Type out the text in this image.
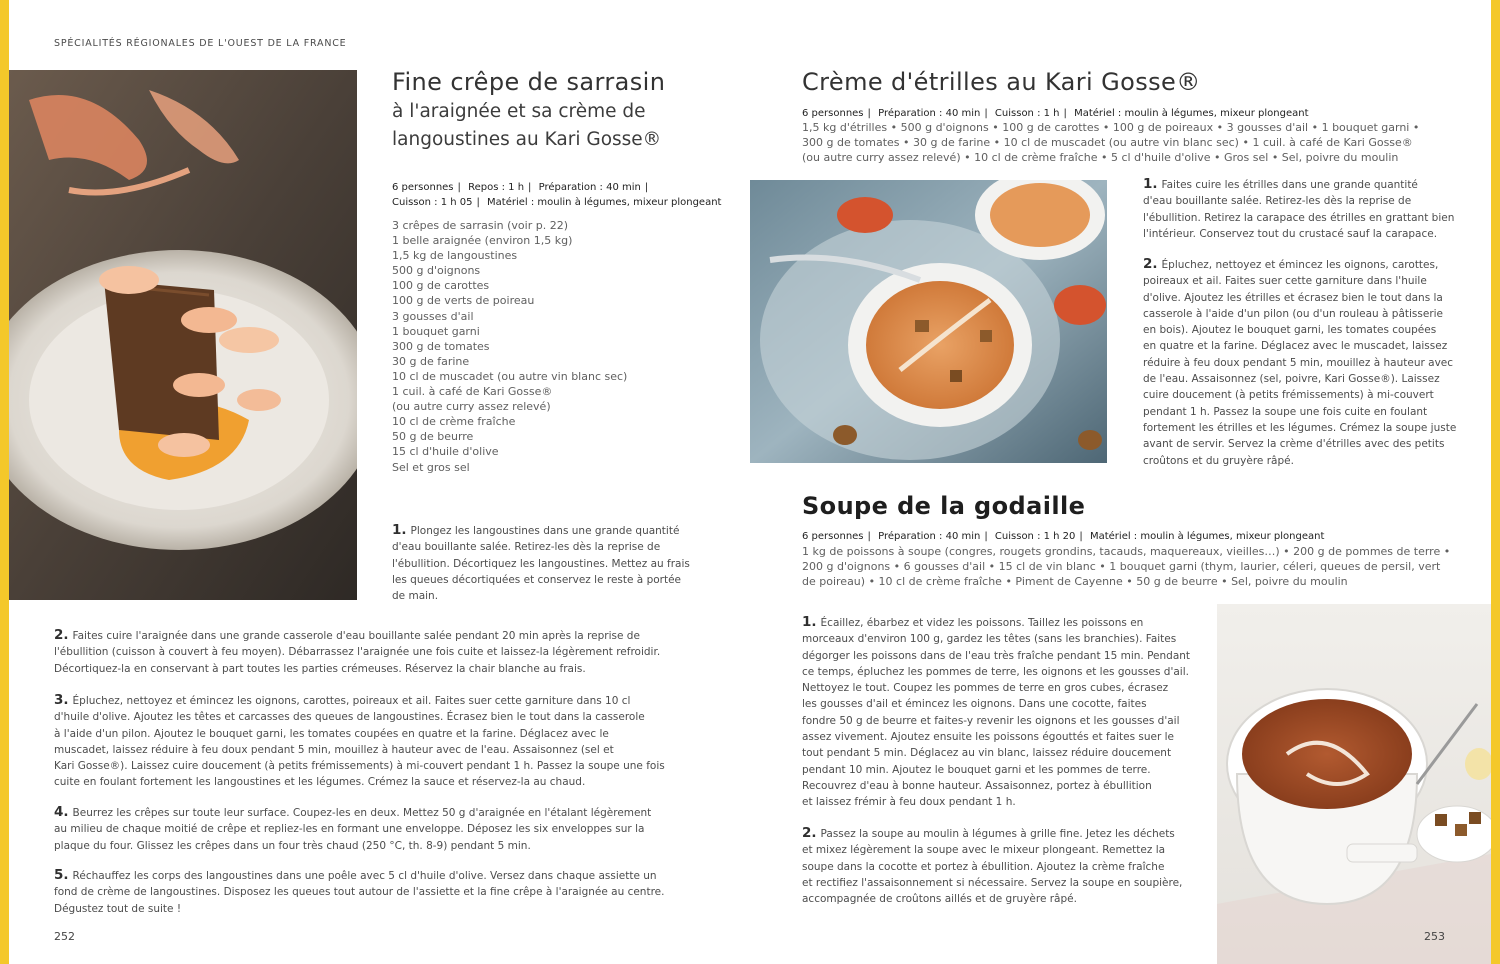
SPÉCIALITÉS RÉGIONALES DE L'OUEST DE LA FRANCE
Fine crêpe de sarrasin
à l'araignée et sa crème de
langoustines au Kari Gosse®
6 personnes | Repos : 1 h | Préparation : 40 min |
Cuisson : 1 h 05 | Matériel : moulin à légumes, mixeur plongeant
3 crêpes de sarrasin (voir p. 22)
1 belle araignée (environ 1,5 kg)
1,5 kg de langoustines
500 g d'oignons
100 g de carottes
100 g de verts de poireau
3 gousses d'ail
1 bouquet garni
300 g de tomates
30 g de farine
10 cl de muscadet (ou autre vin blanc sec)
1 cuil. à café de Kari Gosse®
(ou autre curry assez relevé)
10 cl de crème fraîche
50 g de beurre
15 cl d'huile d'olive
Sel et gros sel
1. Plongez les langoustines dans une grande quantité
d'eau bouillante salée. Retirez-les dès la reprise de
l'ébullition. Décortiquez les langoustines. Mettez au frais
les queues décortiquées et conservez le reste à portée
de main.
2. Faites cuire l'araignée dans une grande casserole d'eau bouillante salée pendant 20 min après la reprise de
l'ébullition (cuisson à couvert à feu moyen). Débarrassez l'araignée une fois cuite et laissez-la légèrement refroidir.
Décortiquez-la en conservant à part toutes les parties crémeuses. Réservez la chair blanche au frais.
3. Épluchez, nettoyez et émincez les oignons, carottes, poireaux et ail. Faites suer cette garniture dans 10 cl
d'huile d'olive. Ajoutez les têtes et carcasses des queues de langoustines. Écrasez bien le tout dans la casserole
à l'aide d'un pilon. Ajoutez le bouquet garni, les tomates coupées en quatre et la farine. Déglacez avec le
muscadet, laissez réduire à feu doux pendant 5 min, mouillez à hauteur avec de l'eau. Assaisonnez (sel et
Kari Gosse®). Laissez cuire doucement (à petits frémissements) à mi-couvert pendant 1 h. Passez la soupe une fois
cuite en foulant fortement les langoustines et les légumes. Crémez la sauce et réservez-la au chaud.
4. Beurrez les crêpes sur toute leur surface. Coupez-les en deux. Mettez 50 g d'araignée en l'étalant légèrement
au milieu de chaque moitié de crêpe et repliez-les en formant une enveloppe. Déposez les six enveloppes sur la
plaque du four. Glissez les crêpes dans un four très chaud (250 °C, th. 8-9) pendant 5 min.
5. Réchauffez les corps des langoustines dans une poêle avec 5 cl d'huile d'olive. Versez dans chaque assiette un
fond de crème de langoustines. Disposez les queues tout autour de l'assiette et la fine crêpe à l'araignée au centre.
Dégustez tout de suite !
252
Crème d'étrilles au Kari Gosse®
6 personnes | Préparation : 40 min | Cuisson : 1 h | Matériel : moulin à légumes, mixeur plongeant
1,5 kg d'étrilles • 500 g d'oignons • 100 g de carottes • 100 g de poireaux • 3 gousses d'ail • 1 bouquet garni •
300 g de tomates • 30 g de farine • 10 cl de muscadet (ou autre vin blanc sec) • 1 cuil. à café de Kari Gosse®
(ou autre curry assez relevé) • 10 cl de crème fraîche • 5 cl d'huile d'olive • Gros sel • Sel, poivre du moulin
1. Faites cuire les étrilles dans une grande quantité
d'eau bouillante salée. Retirez-les dès la reprise de
l'ébullition. Retirez la carapace des étrilles en grattant bien
l'intérieur. Conservez tout du crustacé sauf la carapace.
2. Épluchez, nettoyez et émincez les oignons, carottes,
poireaux et ail. Faites suer cette garniture dans l'huile
d'olive. Ajoutez les étrilles et écrasez bien le tout dans la
casserole à l'aide d'un pilon (ou d'un rouleau à pâtisserie
en bois). Ajoutez le bouquet garni, les tomates coupées
en quatre et la farine. Déglacez avec le muscadet, laissez
réduire à feu doux pendant 5 min, mouillez à hauteur avec
de l'eau. Assaisonnez (sel, poivre, Kari Gosse®). Laissez
cuire doucement (à petits frémissements) à mi-couvert
pendant 1 h. Passez la soupe une fois cuite en foulant
fortement les étrilles et les légumes. Crémez la soupe juste
avant de servir. Servez la crème d'étrilles avec des petits
croûtons et du gruyère râpé.
Soupe de la godaille
6 personnes | Préparation : 40 min | Cuisson : 1 h 20 | Matériel : moulin à légumes, mixeur plongeant
1 kg de poissons à soupe (congres, rougets grondins, tacauds, maquereaux, vieilles…) • 200 g de pommes de terre •
200 g d'oignons • 6 gousses d'ail • 15 cl de vin blanc • 1 bouquet garni (thym, laurier, céleri, queues de persil, vert
de poireau) • 10 cl de crème fraîche • Piment de Cayenne • 50 g de beurre • Sel, poivre du moulin
1. Écaillez, ébarbez et videz les poissons. Taillez les poissons en
morceaux d'environ 100 g, gardez les têtes (sans les branchies). Faites
dégorger les poissons dans de l'eau très fraîche pendant 15 min. Pendant
ce temps, épluchez les pommes de terre, les oignons et les gousses d'ail.
Nettoyez le tout. Coupez les pommes de terre en gros cubes, écrasez
les gousses d'ail et émincez les oignons. Dans une cocotte, faites
fondre 50 g de beurre et faites-y revenir les oignons et les gousses d'ail
assez vivement. Ajoutez ensuite les poissons égouttés et faites suer le
tout pendant 5 min. Déglacez au vin blanc, laissez réduire doucement
pendant 10 min. Ajoutez le bouquet garni et les pommes de terre.
Recouvrez d'eau à bonne hauteur. Assaisonnez, portez à ébullition
et laissez frémir à feu doux pendant 1 h.
2. Passez la soupe au moulin à légumes à grille fine. Jetez les déchets
et mixez légèrement la soupe avec le mixeur plongeant. Remettez la
soupe dans la cocotte et portez à ébullition. Ajoutez la crème fraîche
et rectifiez l'assaisonnement si nécessaire. Servez la soupe en soupière,
accompagnée de croûtons aillés et de gruyère râpé.
253
